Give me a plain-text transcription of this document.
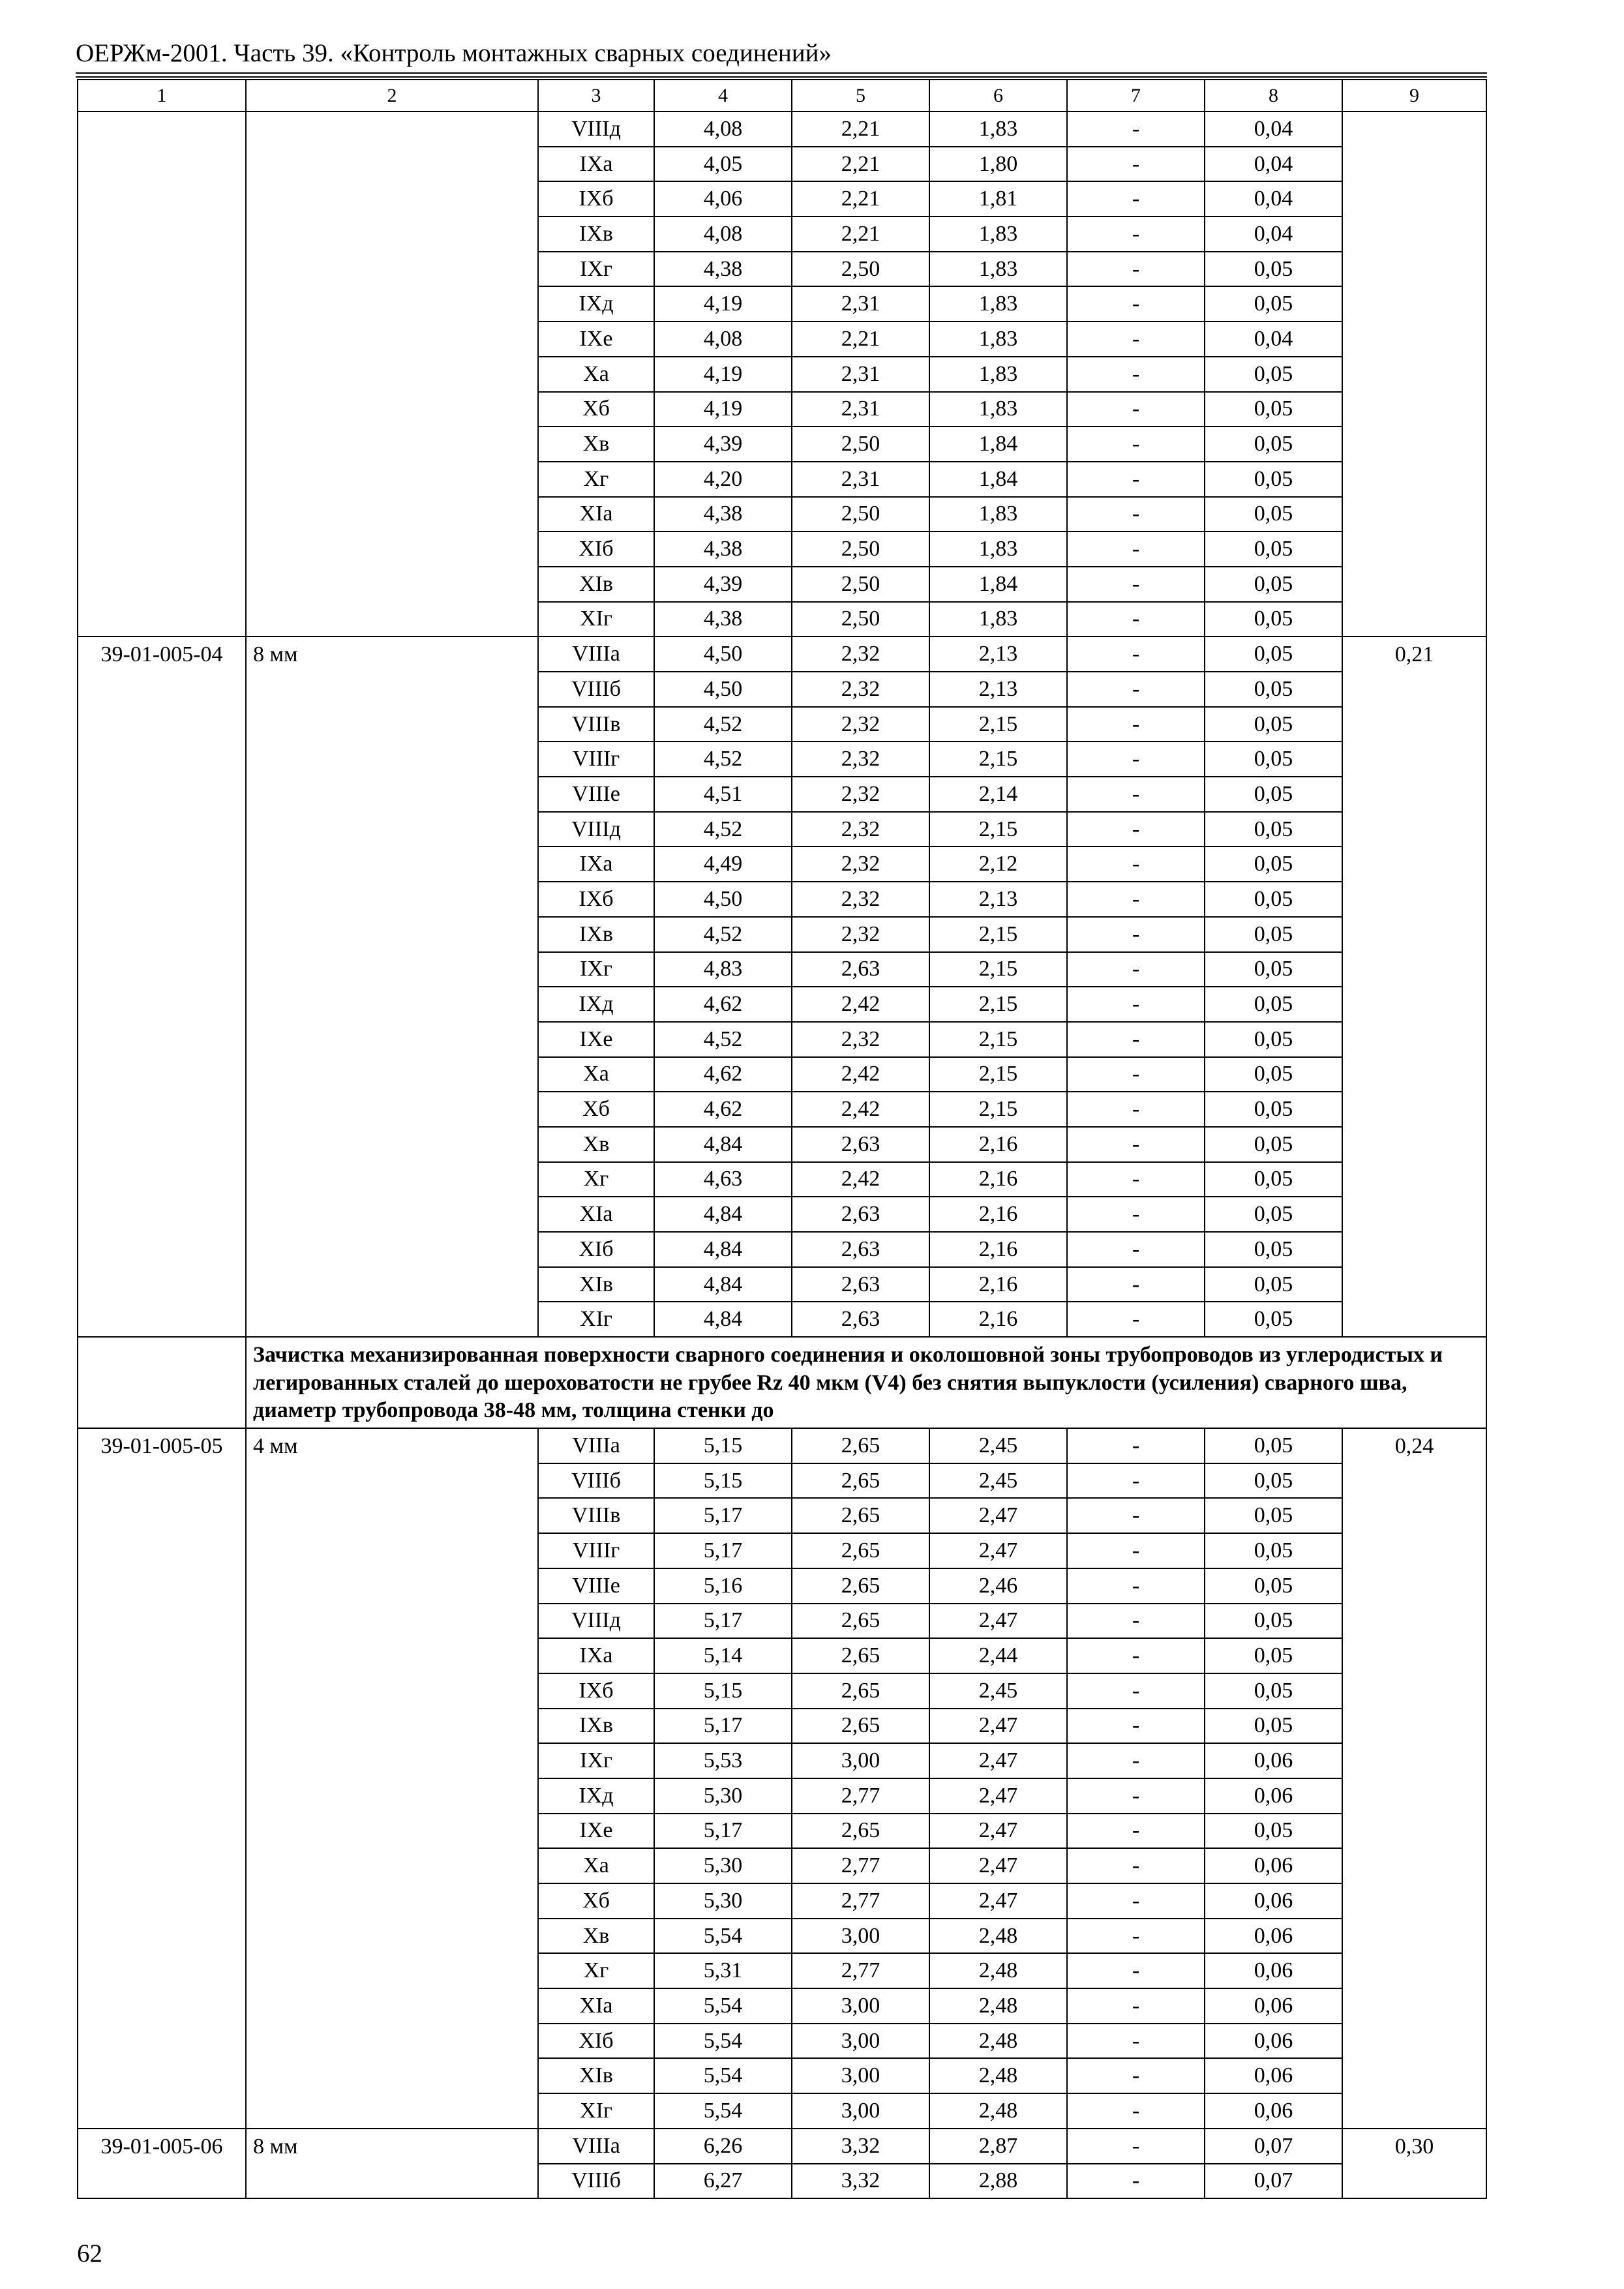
ОЕРЖм-2001. Часть 39. «Контроль монтажных сварных соединений»
1	2	3	4	5	6	7	8	9
		VIIIд	4,08	2,21	1,83	-	0,04	
		IXа	4,05	2,21	1,80	-	0,04	
		IXб	4,06	2,21	1,81	-	0,04	
		IXв	4,08	2,21	1,83	-	0,04	
		IXг	4,38	2,50	1,83	-	0,05	
		IXд	4,19	2,31	1,83	-	0,05	
		IXе	4,08	2,21	1,83	-	0,04	
		Xа	4,19	2,31	1,83	-	0,05	
		Xб	4,19	2,31	1,83	-	0,05	
		Xв	4,39	2,50	1,84	-	0,05	
		Xг	4,20	2,31	1,84	-	0,05	
		XIа	4,38	2,50	1,83	-	0,05	
		XIб	4,38	2,50	1,83	-	0,05	
		XIв	4,39	2,50	1,84	-	0,05	
		XIг	4,38	2,50	1,83	-	0,05	
39-01-005-04	8 мм	VIIIа	4,50	2,32	2,13	-	0,05	0,21
		VIIIб	4,50	2,32	2,13	-	0,05	
		VIIIв	4,52	2,32	2,15	-	0,05	
		VIIIг	4,52	2,32	2,15	-	0,05	
		VIIIе	4,51	2,32	2,14	-	0,05	
		VIIIд	4,52	2,32	2,15	-	0,05	
		IXа	4,49	2,32	2,12	-	0,05	
		IXб	4,50	2,32	2,13	-	0,05	
		IXв	4,52	2,32	2,15	-	0,05	
		IXг	4,83	2,63	2,15	-	0,05	
		IXд	4,62	2,42	2,15	-	0,05	
		IXе	4,52	2,32	2,15	-	0,05	
		Xа	4,62	2,42	2,15	-	0,05	
		Xб	4,62	2,42	2,15	-	0,05	
		Xв	4,84	2,63	2,16	-	0,05	
		Xг	4,63	2,42	2,16	-	0,05	
		XIа	4,84	2,63	2,16	-	0,05	
		XIб	4,84	2,63	2,16	-	0,05	
		XIв	4,84	2,63	2,16	-	0,05	
		XIг	4,84	2,63	2,16	-	0,05	
	Зачистка механизированная поверхности сварного соединения и околошовной зоны трубопроводов из углеродистых и легированных сталей до шероховатости не грубее Rz 40 мкм (V4) без снятия выпуклости (усиления) сварного шва, диаметр трубопровода 38-48 мм, толщина стенки до							
39-01-005-05	4 мм	VIIIа	5,15	2,65	2,45	-	0,05	0,24
		VIIIб	5,15	2,65	2,45	-	0,05	
		VIIIв	5,17	2,65	2,47	-	0,05	
		VIIIг	5,17	2,65	2,47	-	0,05	
		VIIIе	5,16	2,65	2,46	-	0,05	
		VIIIд	5,17	2,65	2,47	-	0,05	
		IXа	5,14	2,65	2,44	-	0,05	
		IXб	5,15	2,65	2,45	-	0,05	
		IXв	5,17	2,65	2,47	-	0,05	
		IXг	5,53	3,00	2,47	-	0,06	
		IXд	5,30	2,77	2,47	-	0,06	
		IXе	5,17	2,65	2,47	-	0,05	
		Xа	5,30	2,77	2,47	-	0,06	
		Xб	5,30	2,77	2,47	-	0,06	
		Xв	5,54	3,00	2,48	-	0,06	
		Xг	5,31	2,77	2,48	-	0,06	
		XIа	5,54	3,00	2,48	-	0,06	
		XIб	5,54	3,00	2,48	-	0,06	
		XIв	5,54	3,00	2,48	-	0,06	
		XIг	5,54	3,00	2,48	-	0,06	
39-01-005-06	8 мм	VIIIа	6,26	3,32	2,87	-	0,07	0,30
		VIIIб	6,27	3,32	2,88	-	0,07	
62
